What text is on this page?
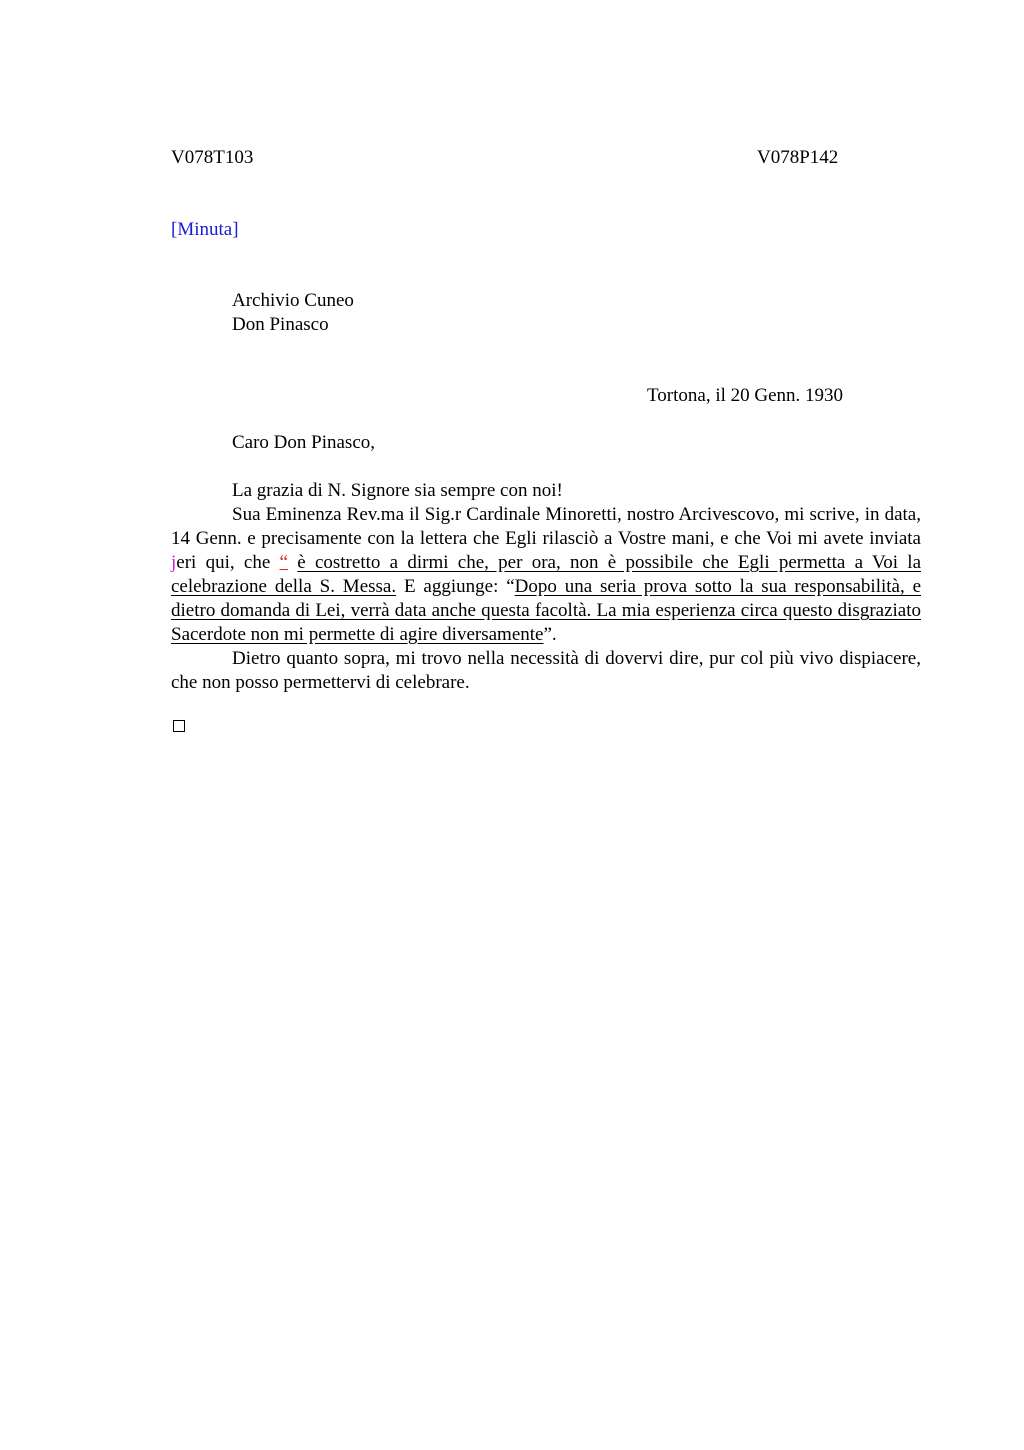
V078T103	V078P142
[Minuta]
Archivio Cuneo
Don Pinasco
Tortona, il 20 Genn. 1930
Caro Don Pinasco,

La grazia di N. Signore sia sempre con noi!

Sua Eminenza Rev.ma il Sig.r Cardinale Minoretti, nostro Arcivescovo, mi scrive, in data, 14 Genn. e precisamente con la lettera che Egli rilasciò a Vostre mani, e che Voi mi avete inviata jeri qui, che “ è costretto a dirmi che, per ora, non è possibile che Egli permetta a Voi la celebrazione della S. Messa. E aggiunge: “Dopo una seria prova sotto la sua responsabilità, e dietro domanda di Lei, verrà data anche questa facoltà. La mia esperienza circa questo disgraziato Sacerdote non mi permette di agire diversamente”.

Dietro quanto sopra, mi trovo nella necessità di dovervi dire, pur col più vivo dispiacere, che non posso permettervi di celebrare.
